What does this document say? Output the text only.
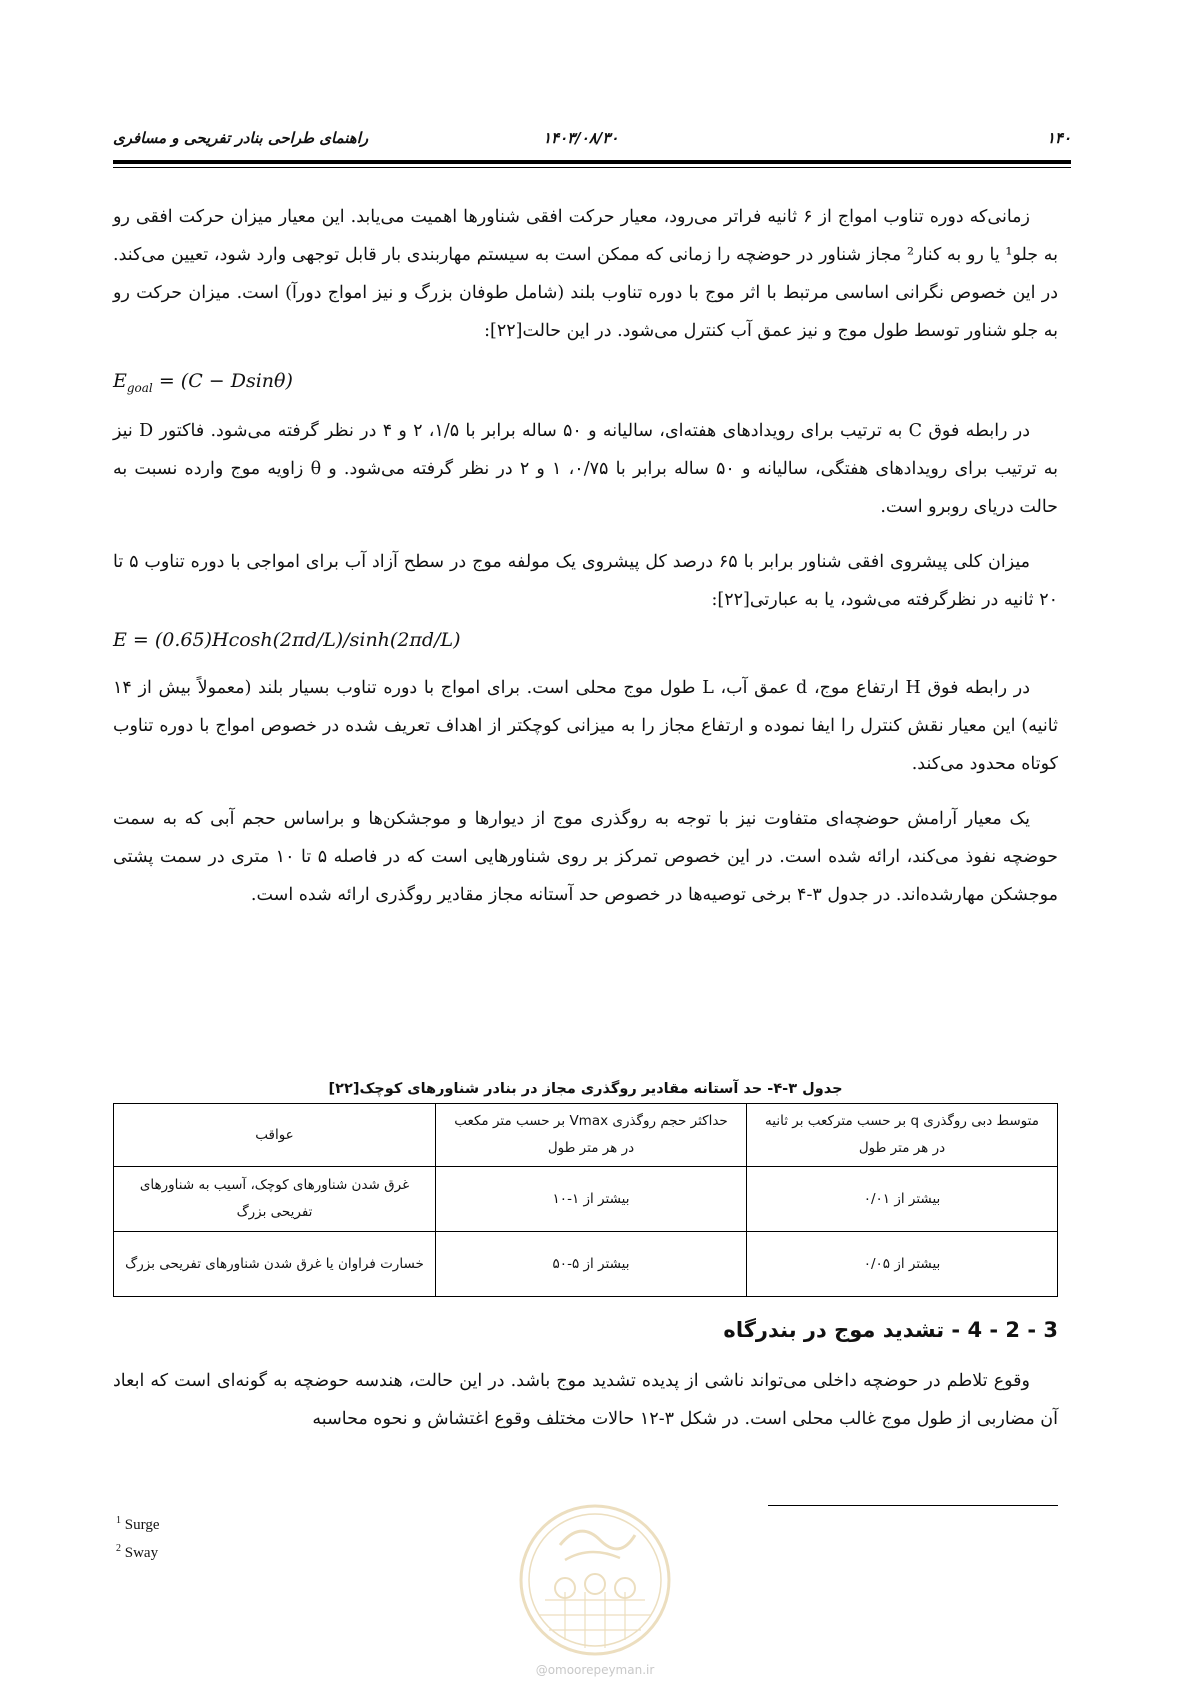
۱۴۰
۱۴۰۳/۰۸/۳۰
راهنمای طراحی بنادر تفریحی و مسافری

زمانی‌که دوره تناوب امواج از ۶ ثانیه فراتر می‌رود، معیار حرکت افقی شناورها اهمیت می‌یابد. این معیار میزان حرکت افقی رو به جلو¹ یا رو به کنار² مجاز شناور در حوضچه را زمانی که ممکن است به سیستم مهاربندی بار قابل توجهی وارد شود، تعیین می‌کند. در این خصوص نگرانی اساسی مرتبط با اثر موج با دوره تناوب بلند (شامل طوفان بزرگ و نیز امواج دورآ) است. میزان حرکت رو به جلو شناور توسط طول موج و نیز عمق آب کنترل می‌شود. در این حالت[۲۲]:

$E_{goal} = (C - Dsin\theta)$

در رابطه فوق C به ترتیب برای رویدادهای هفته‌ای، سالیانه و ۵۰ ساله برابر با ۱/۵، ۲ و ۴ در نظر گرفته می‌شود. فاکتور D نیز به ترتیب برای رویدادهای هفتگی، سالیانه و ۵۰ ساله برابر با ۰/۷۵، ۱ و ۲ در نظر گرفته می‌شود. و θ زاویه موج وارده نسبت به حالت دریای روبرو است.

میزان کلی پیشروی افقی شناور برابر با ۶۵ درصد کل پیشروی یک مولفه موج در سطح آزاد آب برای امواجی با دوره تناوب ۵ تا ۲۰ ثانیه در نظرگرفته می‌شود، یا به عبارتی[۲۲]:

E = (0.65)Hcosh(2πd/L)/sinh(2πd/L)

در رابطه فوق H ارتفاع موج، d عمق آب، L طول موج محلی است. برای امواج با دوره تناوب بسیار بلند (معمولاً بیش از ۱۴ ثانیه) این معیار نقش کنترل را ایفا نموده و ارتفاع مجاز را به میزانی کوچکتر از اهداف تعریف شده در خصوص امواج با دوره تناوب کوتاه محدود می‌کند.

یک معیار آرامش حوضچه‌ای متفاوت نیز با توجه به روگذری موج از دیوارها و موجشکن‌ها و براساس حجم آبی که به سمت حوضچه نفوذ می‌کند، ارائه شده است. در این خصوص تمرکز بر روی شناورهایی است که در فاصله ۵ تا ۱۰ متری در سمت پشتی موجشکن مهارشده‌اند. در جدول ۳-۴ برخی توصیه‌ها در خصوص حد آستانه مجاز مقادیر روگذری ارائه شده است.

جدول ۳-۴- حد آستانه مقادیر روگذری مجاز در بنادر شناورهای کوچک[۲۲]
متوسط دبی روگذری q بر حسب مترکعب بر ثانیه در هر متر طول	حداکثر حجم روگذری Vmax بر حسب متر مکعب در هر متر طول	عواقب
بیشتر از ۰/۰۱	بیشتر از ۱-۱۰	غرق شدن شناورهای کوچک، آسیب به شناورهای تفریحی بزرگ
بیشتر از ۰/۰۵	بیشتر از ۵-۵۰	خسارت فراوان یا غرق شدن شناورهای تفریحی بزرگ
3 - 2 - 4 - تشدید موج در بندرگاه

وقوع تلاطم در حوضچه داخلی می‌تواند ناشی از پدیده تشدید موج باشد. در این حالت، هندسه حوضچه به گونه‌ای است که ابعاد آن مضاربی از طول موج غالب محلی است. در شکل ۳-۱۲ حالات مختلف وقوع اغتشاش و نحوه محاسبه

$^1$ Surge
$^2$ Sway
@omoorepeyman.ir
